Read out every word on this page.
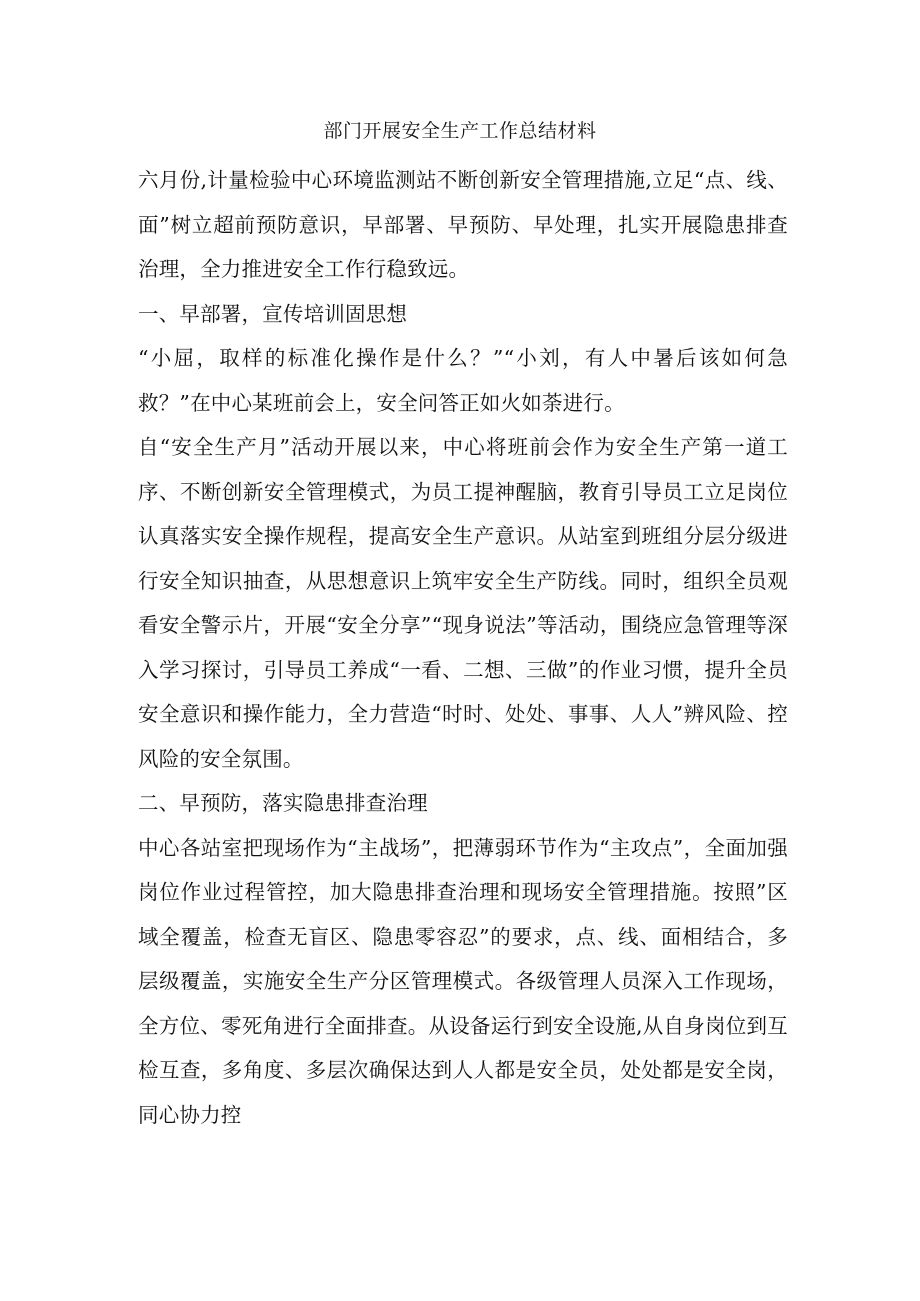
部门开展安全生产工作总结材料

六月份,计量检验中心环境监测站不断创新安全管理措施,立足“点、线、面”树立超前预防意识，早部署、早预防、早处理，扎实开展隐患排查治理，全力推进安全工作行稳致远。

一、早部署，宣传培训固思想

“小屈，取样的标准化操作是什么？”“小刘，有人中暑后该如何急救？”在中心某班前会上，安全问答正如火如荼进行。

自“安全生产月”活动开展以来，中心将班前会作为安全生产第一道工序、不断创新安全管理模式，为员工提神醒脑，教育引导员工立足岗位认真落实安全操作规程，提高安全生产意识。从站室到班组分层分级进行安全知识抽查，从思想意识上筑牢安全生产防线。同时，组织全员观看安全警示片，开展“安全分享”“现身说法”等活动，围绕应急管理等深入学习探讨，引导员工养成“一看、二想、三做”的作业习惯，提升全员安全意识和操作能力，全力营造“时时、处处、事事、人人”辨风险、控风险的安全氛围。

二、早预防，落实隐患排查治理

中心各站室把现场作为“主战场”，把薄弱环节作为“主攻点”，全面加强岗位作业过程管控，加大隐患排查治理和现场安全管理措施。按照”区域全覆盖，检查无盲区、隐患零容忍”的要求，点、线、面相结合，多层级覆盖，实施安全生产分区管理模式。各级管理人员深入工作现场，全方位、零死角进行全面排查。从设备运行到安全设施,从自身岗位到互检互查，多角度、多层次确保达到人人都是安全员，处处都是安全岗，同心协力控
